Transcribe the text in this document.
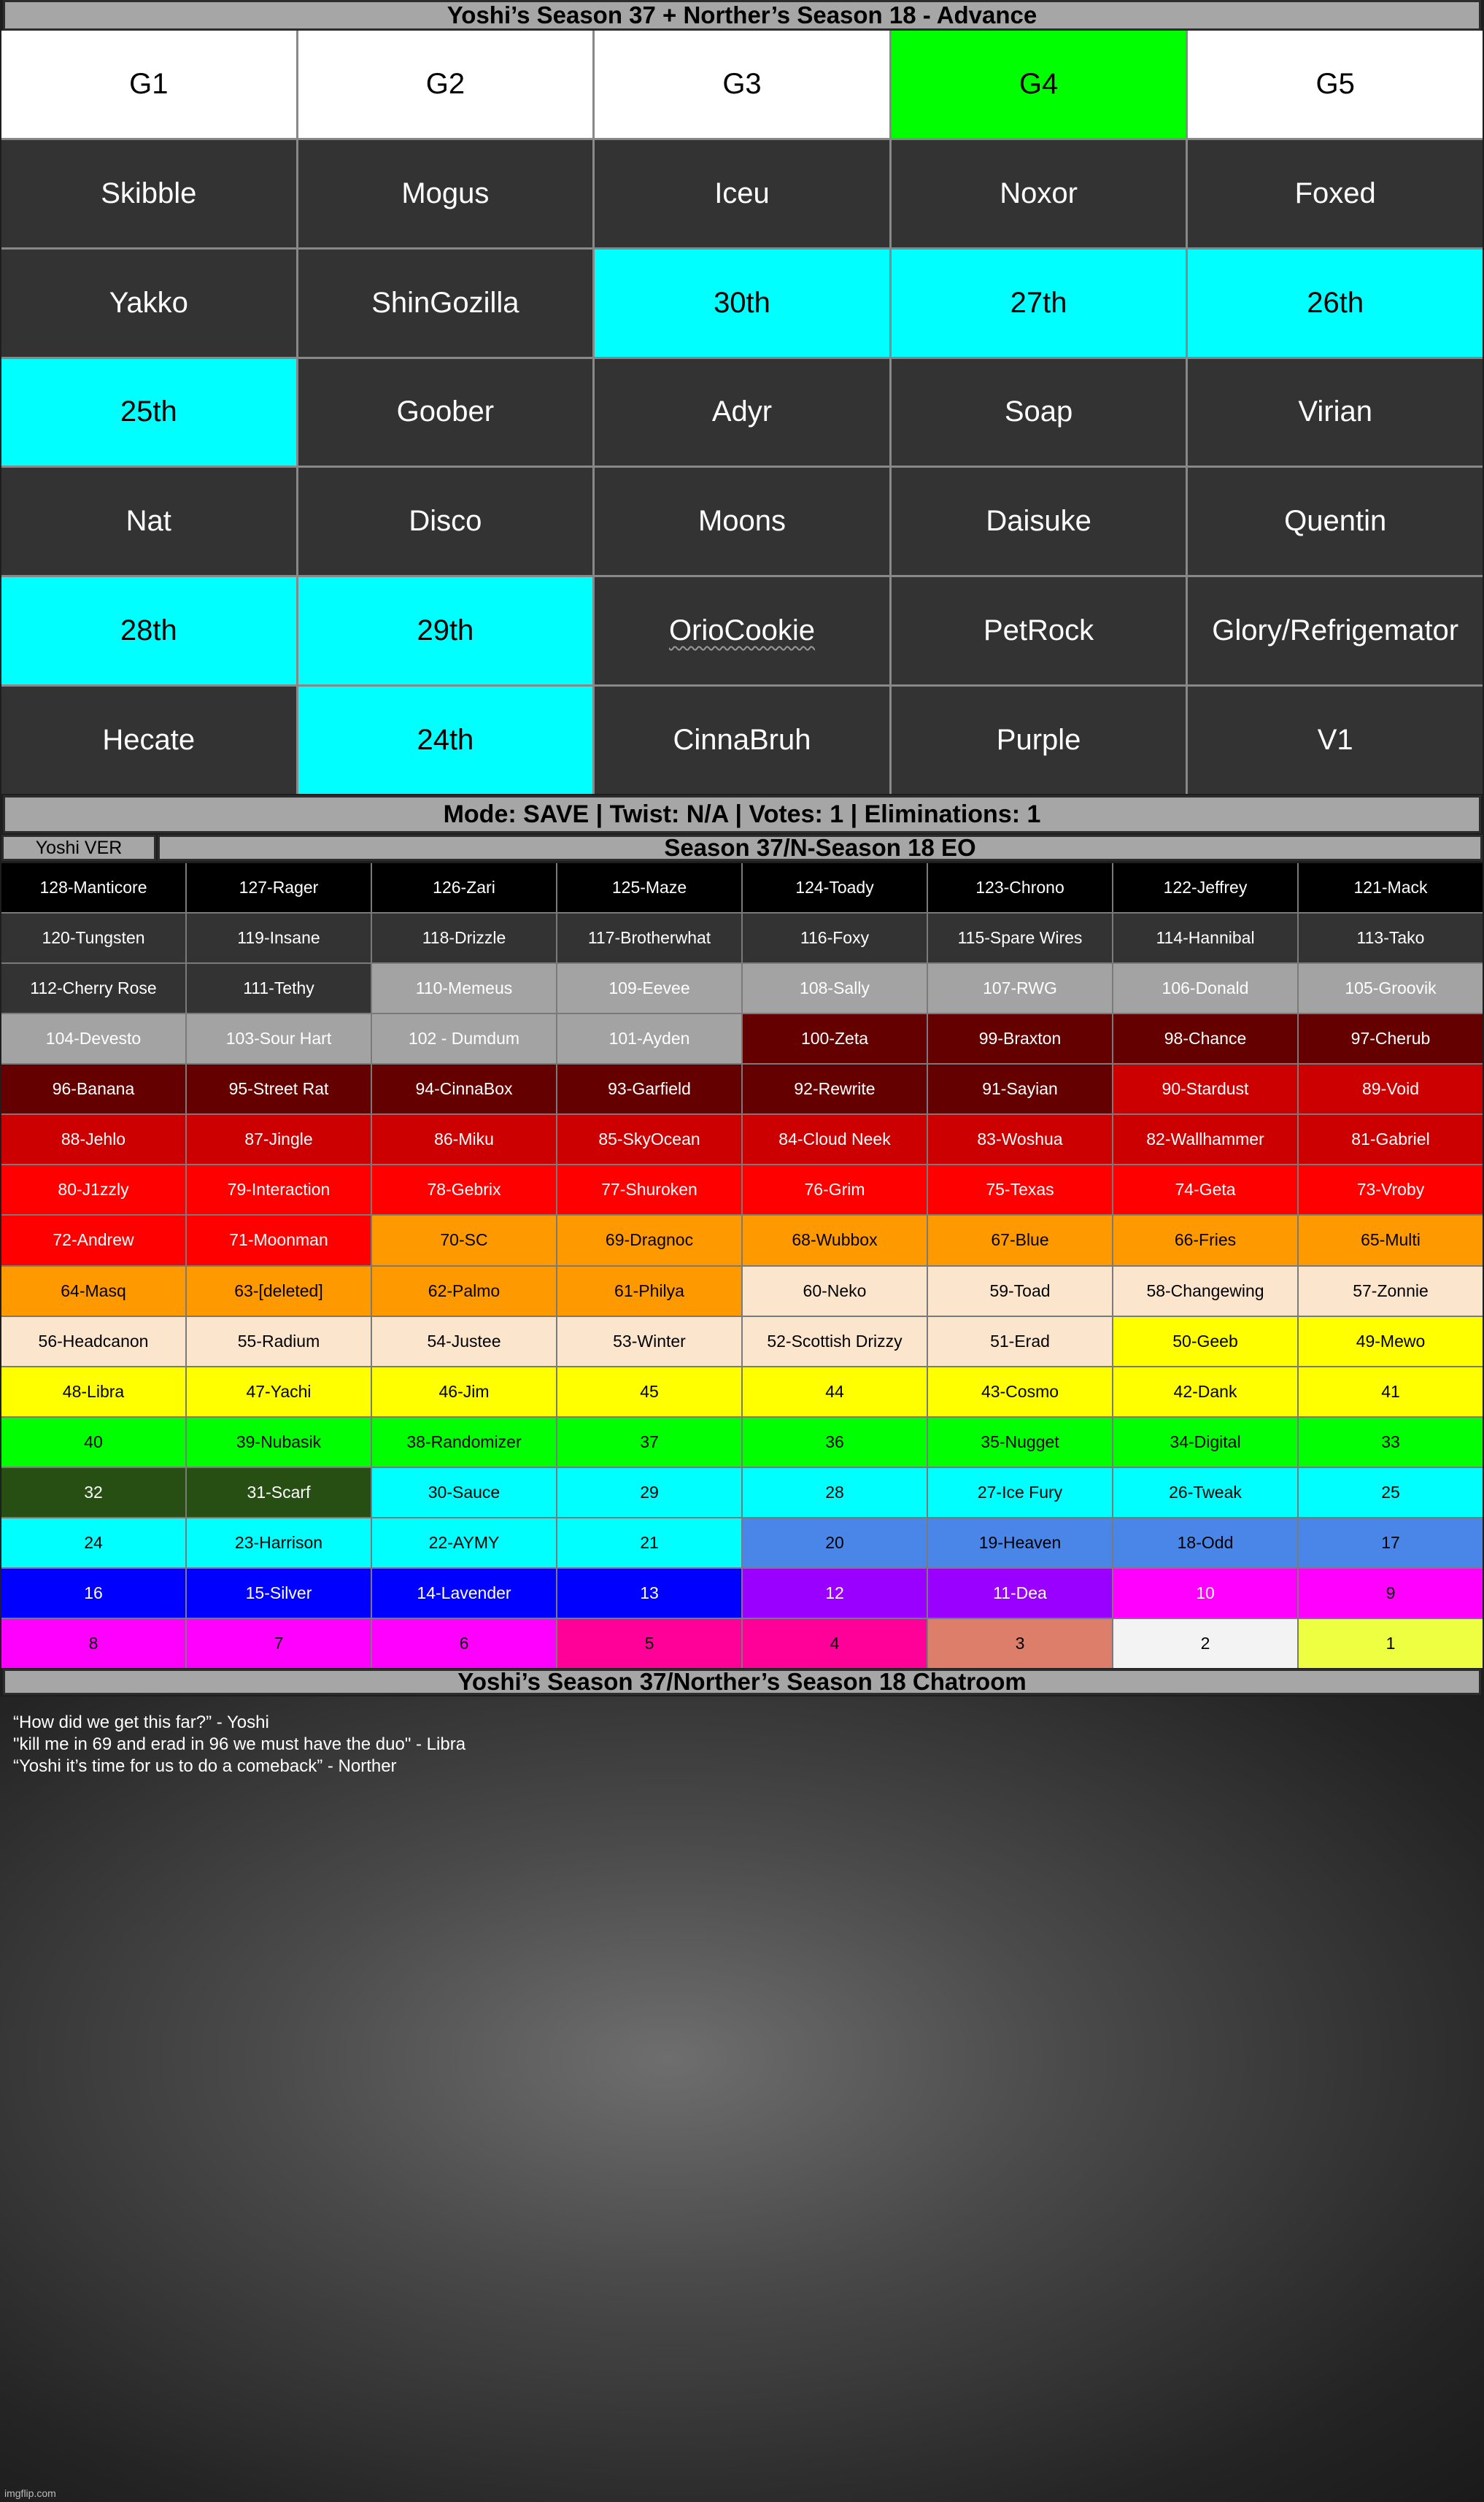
Yoshi’s Season 37 + Norther’s Season 18 - Advance
G1	G2	G3	G4	G5
Skibble	Mogus	Iceu	Noxor	Foxed
Yakko	ShinGozilla	30th	27th	26th
25th	Goober	Adyr	Soap	Virian
Nat	Disco	Moons	Daisuke	Quentin
28th	29th	OrioCookie	PetRock	Glory/Refrigemator
Hecate	24th	CinnaBruh	Purple	V1
Mode: SAVE | Twist: N/A | Votes: 1 | Eliminations: 1
Yoshi VER	Season 37/N-Season 18 EO
128-Manticore	127-Rager	126-Zari	125-Maze	124-Toady	123-Chrono	122-Jeffrey	121-Mack
120-Tungsten	119-Insane	118-Drizzle	117-Brotherwhat	116-Foxy	115-Spare Wires	114-Hannibal	113-Tako
112-Cherry Rose	111-Tethy	110-Memeus	109-Eevee	108-Sally	107-RWG	106-Donald	105-Groovik
104-Devesto	103-Sour Hart	102 - Dumdum	101-Ayden	100-Zeta	99-Braxton	98-Chance	97-Cherub
96-Banana	95-Street Rat	94-CinnaBox	93-Garfield	92-Rewrite	91-Sayian	90-Stardust	89-Void
88-Jehlo	87-Jingle	86-Miku	85-SkyOcean	84-Cloud Neek	83-Woshua	82-Wallhammer	81-Gabriel
80-J1zzly	79-Interaction	78-Gebrix	77-Shuroken	76-Grim	75-Texas	74-Geta	73-Vroby
72-Andrew	71-Moonman	70-SC	69-Dragnoc	68-Wubbox	67-Blue	66-Fries	65-Multi
64-Masq	63-[deleted]	62-Palmo	61-Philya	60-Neko	59-Toad	58-Changewing	57-Zonnie
56-Headcanon	55-Radium	54-Justee	53-Winter	52-Scottish Drizzy	51-Erad	50-Geeb	49-Mewo
48-Libra	47-Yachi	46-Jim	45	44	43-Cosmo	42-Dank	41
40	39-Nubasik	38-Randomizer	37	36	35-Nugget	34-Digital	33
32	31-Scarf	30-Sauce	29	28	27-Ice Fury	26-Tweak	25
24	23-Harrison	22-AYMY	21	20	19-Heaven	18-Odd	17
16	15-Silver	14-Lavender	13	12	11-Dea	10	9
8	7	6	5	4	3	2	1
Yoshi’s Season 37/Norther’s Season 18 Chatroom
“How did we get this far?” - Yoshi
"kill me in 69 and erad in 96 we must have the duo" - Libra
“Yoshi it’s time for us to do a comeback” - Norther
imgflip.com
